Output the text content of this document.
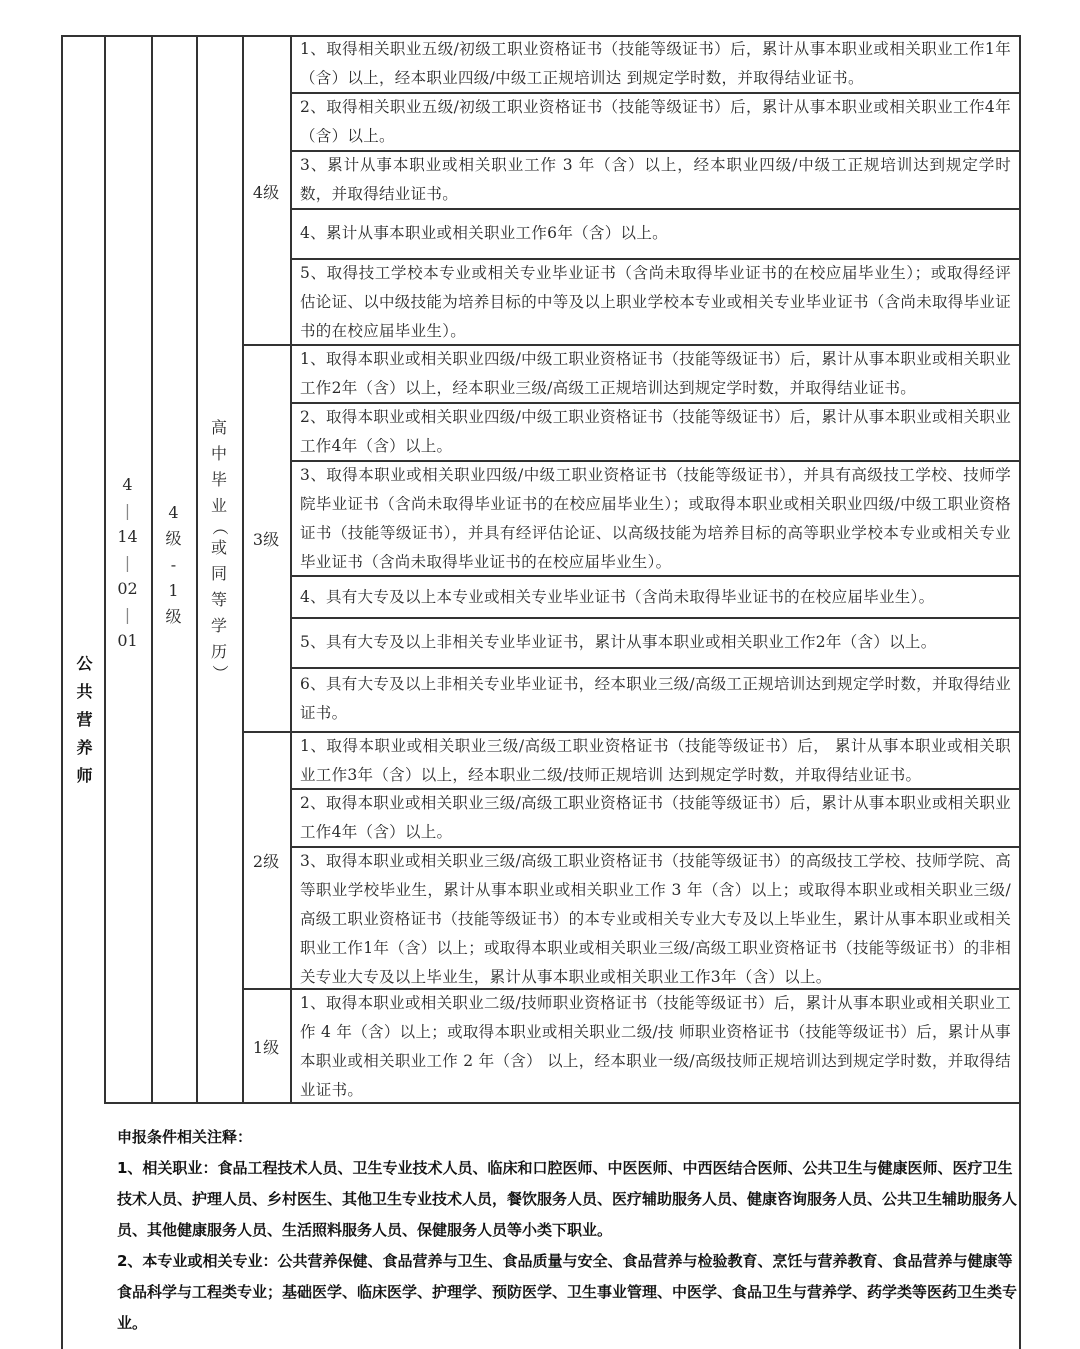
公共营养师
4
|
14
|
02
|
01
4
级
-
1
级
高
中
毕
业
（
或
同
等
学
历
）
4级
3级
2级
1级
1、取得相关职业五级/初级工职业资格证书（技能等级证书）后，累计从事本职业或相关职业工作1年（含）以上，经本职业四级/中级工正规培训达 到规定学时数，并取得结业证书。
2、取得相关职业五级/初级工职业资格证书（技能等级证书）后，累计从事本职业或相关职业工作4年（含）以上。
3、累计从事本职业或相关职业工作 3 年（含）以上，经本职业四级/中级工正规培训达到规定学时数，并取得结业证书。
4、累计从事本职业或相关职业工作6年（含）以上。
5、取得技工学校本专业或相关专业毕业证书（含尚未取得毕业证书的在校应届毕业生）；或取得经评估论证、以中级技能为培养目标的中等及以上职业学校本专业或相关专业毕业证书（含尚未取得毕业证书的在校应届毕业生）。
1、取得本职业或相关职业四级/中级工职业资格证书（技能等级证书）后，累计从事本职业或相关职业工作2年（含）以上，经本职业三级/高级工正规培训达到规定学时数，并取得结业证书。
2、取得本职业或相关职业四级/中级工职业资格证书（技能等级证书）后，累计从事本职业或相关职业工作4年（含）以上。
3、取得本职业或相关职业四级/中级工职业资格证书（技能等级证书），并具有高级技工学校、技师学院毕业证书（含尚未取得毕业证书的在校应届毕业生）；或取得本职业或相关职业四级/中级工职业资格证书（技能等级证书），并具有经评估论证、以高级技能为培养目标的高等职业学校本专业或相关专业毕业证书（含尚未取得毕业证书的在校应届毕业生）。
4、具有大专及以上本专业或相关专业毕业证书（含尚未取得毕业证书的在校应届毕业生）。
5、具有大专及以上非相关专业毕业证书，累计从事本职业或相关职业工作2年（含）以上。
6、具有大专及以上非相关专业毕业证书，经本职业三级/高级工正规培训达到规定学时数，并取得结业证书。
1、取得本职业或相关职业三级/高级工职业资格证书（技能等级证书）后， 累计从事本职业或相关职业工作3年（含）以上，经本职业二级/技师正规培训 达到规定学时数，并取得结业证书。
2、取得本职业或相关职业三级/高级工职业资格证书（技能等级证书）后，累计从事本职业或相关职业工作4年（含）以上。
3、取得本职业或相关职业三级/高级工职业资格证书（技能等级证书）的高级技工学校、技师学院、高等职业学校毕业生，累计从事本职业或相关职业工作 3 年（含）以上；或取得本职业或相关职业三级/高级工职业资格证书（技能等级证书）的本专业或相关专业大专及以上毕业生，累计从事本职业或相关职业工作1年（含）以上；或取得本职业或相关职业三级/高级工职业资格证书（技能等级证书）的非相关专业大专及以上毕业生，累计从事本职业或相关职业工作3年（含）以上。
1、取得本职业或相关职业二级/技师职业资格证书（技能等级证书）后，累计从事本职业或相关职业工作 4 年（含）以上；或取得本职业或相关职业二级/技 师职业资格证书（技能等级证书）后，累计从事本职业或相关职业工作 2 年（含） 以上，经本职业一级/高级技师正规培训达到规定学时数，并取得结业证书。

申报条件相关注释：

1、相关职业：食品工程技术人员、卫生专业技术人员、临床和口腔医师、中医医师、中西医结合医师、公共卫生与健康医师、医疗卫生技术人员、护理人员、乡村医生、其他卫生专业技术人员，餐饮服务人员、医疗辅助服务人员、健康咨询服务人员、公共卫生辅助服务人员、其他健康服务人员、生活照料服务人员、保健服务人员等小类下职业。

2、本专业或相关专业：公共营养保健、食品营养与卫生、食品质量与安全、食品营养与检验教育、烹饪与营养教育、食品营养与健康等食品科学与工程类专业；基础医学、临床医学、护理学、预防医学、卫生事业管理、中医学、食品卫生与营养学、药学类等医药卫生类专业。
